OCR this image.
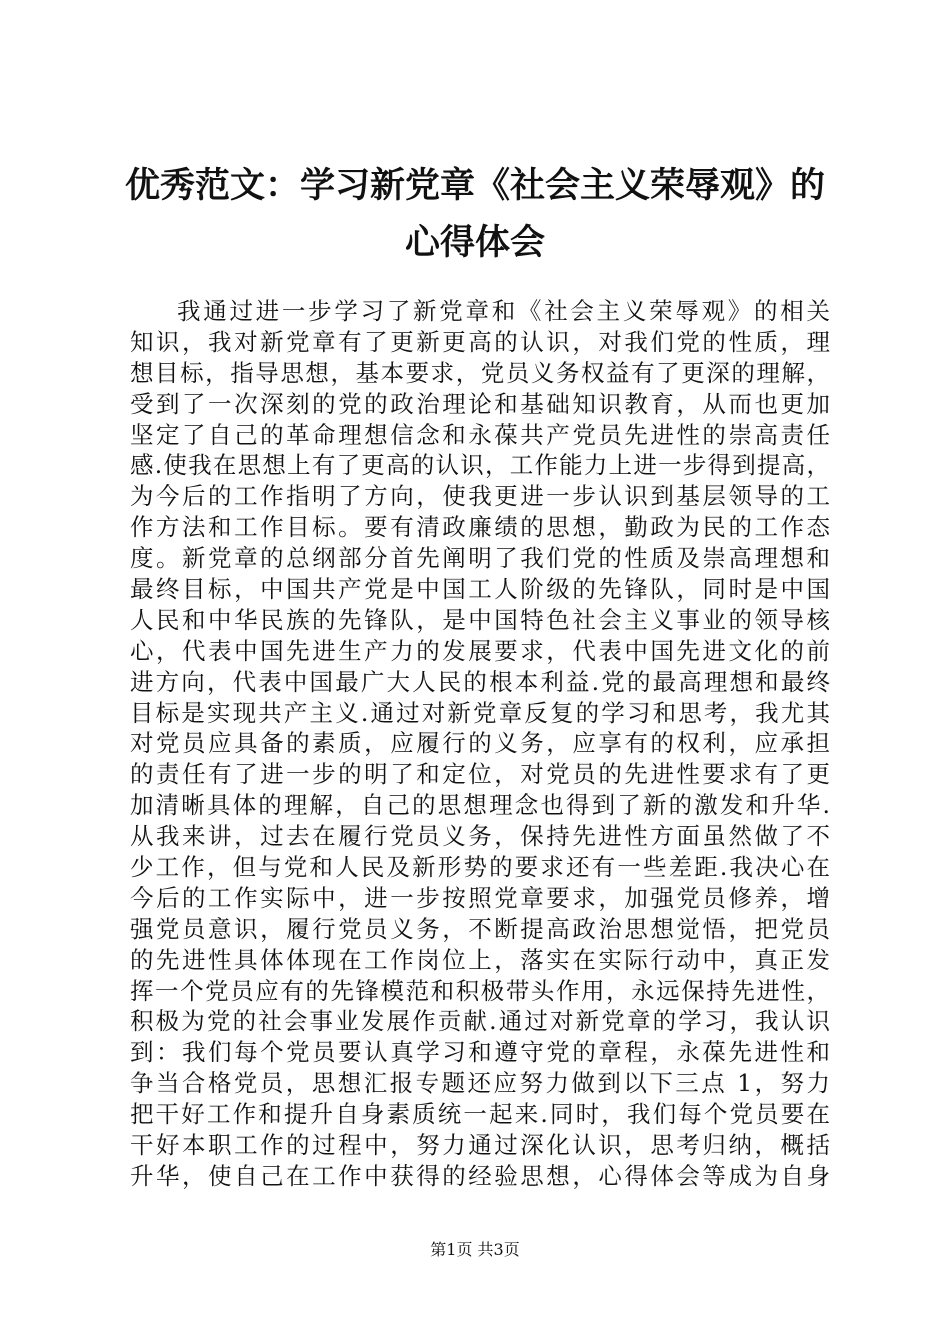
优秀范文：学习新党章《社会主义荣辱观》的
心得体会
我通过进一步学习了新党章和《社会主义荣辱观》的相关
知识，我对新党章有了更新更高的认识，对我们党的性质，理
想目标，指导思想，基本要求，党员义务权益有了更深的理解，
受到了一次深刻的党的政治理论和基础知识教育，从而也更加
坚定了自己的革命理想信念和永葆共产党员先进性的崇高责任
感.使我在思想上有了更高的认识，工作能力上进一步得到提高，
为今后的工作指明了方向，使我更进一步认识到基层领导的工
作方法和工作目标。要有清政廉绩的思想，勤政为民的工作态
度。新党章的总纲部分首先阐明了我们党的性质及崇高理想和
最终目标，中国共产党是中国工人阶级的先锋队，同时是中国
人民和中华民族的先锋队，是中国特色社会主义事业的领导核
心，代表中国先进生产力的发展要求，代表中国先进文化的前
进方向，代表中国最广大人民的根本利益.党的最高理想和最终
目标是实现共产主义.通过对新党章反复的学习和思考，我尤其
对党员应具备的素质，应履行的义务，应享有的权利，应承担
的责任有了进一步的明了和定位，对党员的先进性要求有了更
加清晰具体的理解，自己的思想理念也得到了新的激发和升华.
从我来讲，过去在履行党员义务，保持先进性方面虽然做了不
少工作，但与党和人民及新形势的要求还有一些差距.我决心在
今后的工作实际中，进一步按照党章要求，加强党员修养，增
强党员意识，履行党员义务，不断提高政治思想觉悟，把党员
的先进性具体体现在工作岗位上，落实在实际行动中，真正发
挥一个党员应有的先锋模范和积极带头作用，永远保持先进性，
积极为党的社会事业发展作贡献.通过对新党章的学习，我认识
到：我们每个党员要认真学习和遵守党的章程，永葆先进性和
争当合格党员，思想汇报专题还应努力做到以下三点 1，努力
把干好工作和提升自身素质统一起来.同时，我们每个党员要在
干好本职工作的过程中，努力通过深化认识，思考归纳，概括
升华，使自己在工作中获得的经验思想，心得体会等成为自身
第1页 共3页
